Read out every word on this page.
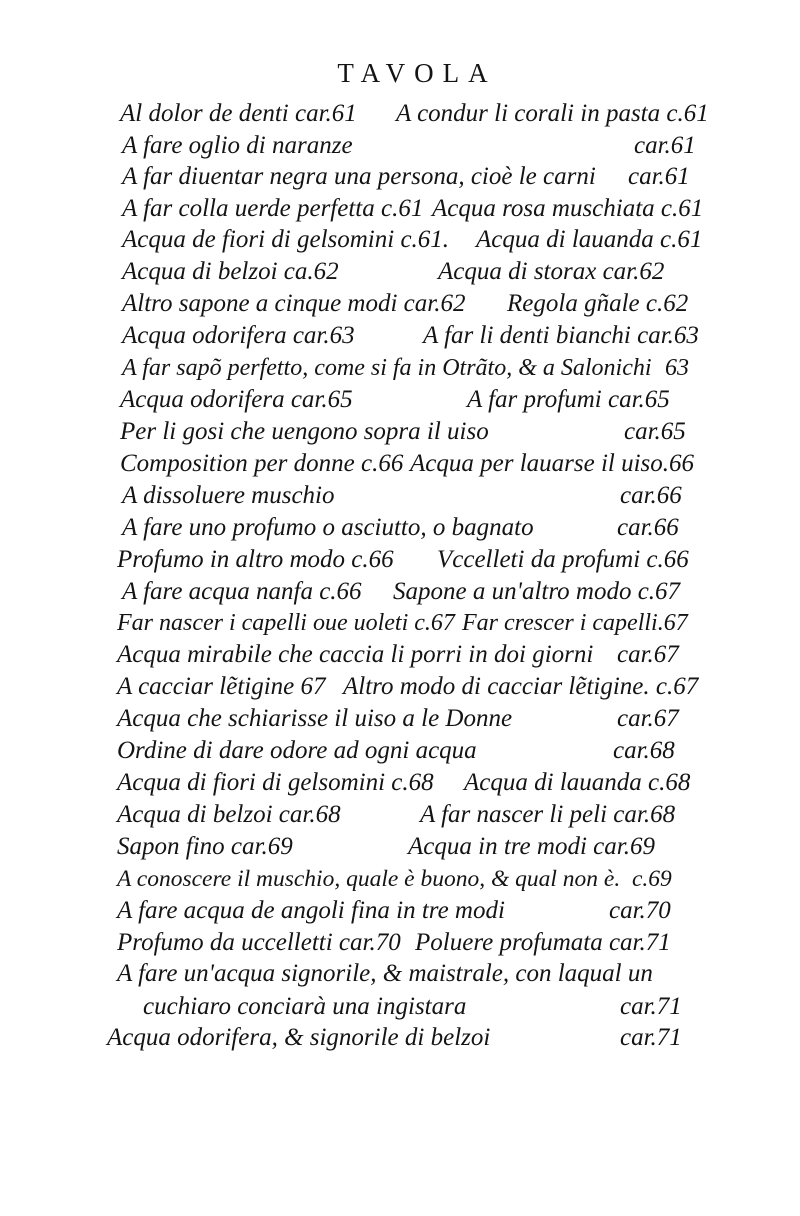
TAVOLA
Al dolor de denti car.61 A condur li corali in pasta c.61
A fare oglio di naranze	car.61
A far diuentar negra una persona, cioè le carni car.61
A far colla uerde perfetta c.61 Acqua rosa muschiata c.61
Acqua de fiori di gelsomini c.61. Acqua di lauanda c.61
Acqua di belzoi ca.62	Acqua di storax car.62
Altro sapone a cinque modi car.62 Regola gñale c.62
Acqua odorifera car.63	A far li denti bianchi car.63
A far sapõ perfetto, come si fa in Otrãto, & a Salonichi 63
Acqua odorifera car.65	A far profumi car.65
Per li gosi che uengono sopra il uiso	car.65
Composition per donne c.66 Acqua per lauarse il uiso.66
A dissoluere muschio	car.66
A fare uno profumo o asciutto, o bagnato	car.66
Profumo in altro modo c.66 Vccelleti da profumi c.66
A fare acqua nanfa c.66 Sapone a un'altro modo c.67
Far nascer i capelli oue uoleti c.67 Far crescer i capelli.67
Acqua mirabile che caccia li porri in doi giorni car.67
A cacciar lẽtigine 67 Altro modo di cacciar lẽtigine. c.67
Acqua che schiarisse il uiso a le Donne	car.67
Ordine di dare odore ad ogni acqua	car.68
Acqua di fiori di gelsomini c.68 Acqua di lauanda c.68
Acqua di belzoi car.68	A far nascer li peli car.68
Sapon fino car.69	Acqua in tre modi car.69
A conoscere il muschio, quale è buono, & qual non è. c.69
A fare acqua de angoli fina in tre modi	car.70
Profumo da uccelletti car.70 Poluere profumata car.71
A fare un'acqua signorile, & maistrale, con laqual un
cuchiaro conciarà una ingistara	car.71
Acqua odorifera, & signorile di belzoi	car.71
